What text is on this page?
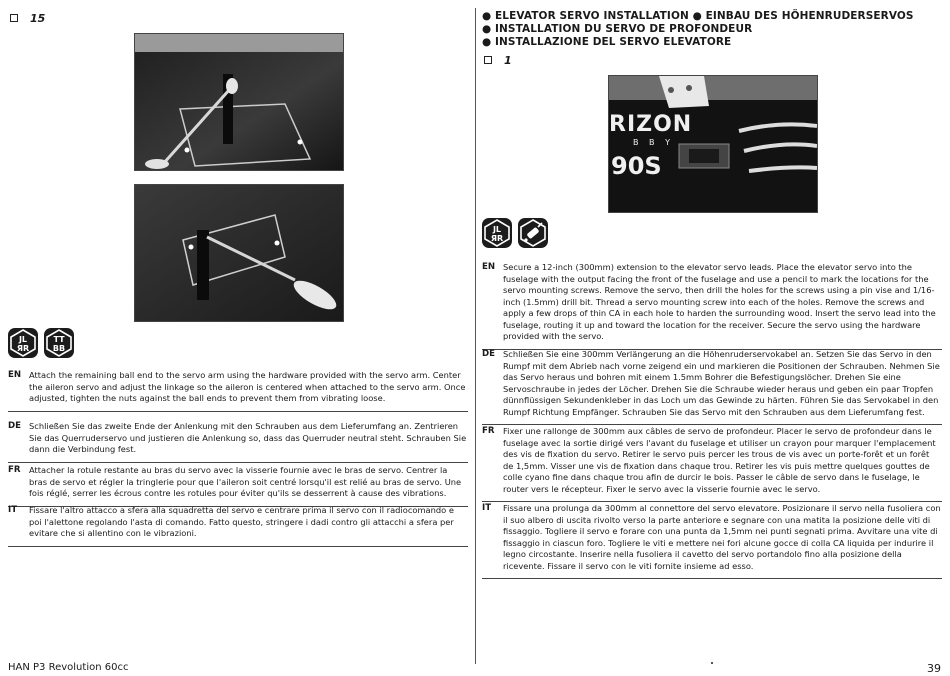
15
JL
ЯR
TT
BB
EN Attach the remaining ball end to the servo arm using the hardware provided with the servo arm. Center the aileron servo and adjust the linkage so the aileron is centered when attached to the servo arm. Once adjusted, tighten the nuts against the ball ends to prevent them from vibrating loose.
DE Schließen Sie das zweite Ende der Anlenkung mit den Schrauben aus dem Lieferumfang an. Zentrieren Sie das Querruderservo und justieren die Anlenkung so, dass das Querruder neutral steht. Schrauben Sie dann die Verbindung fest.
FR	Attacher la rotule restante au bras du servo avec la visserie fournie avec le bras de servo. Centrer la bras de servo et régler la tringlerie pour que l'aileron soit centré lorsqu'il est relié au bras de servo. Une fois réglé, serrer les écrous contre les rotules pour éviter qu'ils se desserrent à cause des vibrations.
IT	Fissare l'altro attacco a sfera alla squadretta del servo e centrare prima il servo con il radiocomando e poi l'alettone regolando l'asta di comando. Fatto questo, stringere i dadi contro gli attacchi a sfera per evitare che si allentino con le vibrazioni.
● ELEVATOR SERVO INSTALLATION ● EINBAU DES HÖHENRUDERSERVOS
● INSTALLATION DU SERVO DE PROFONDEUR
● INSTALLAZIONE DEL SERVO ELEVATORE
1
RIZON
B B Y
90S
JL
ЯR
EN Secure a 12-inch (300mm) extension to the elevator servo leads. Place the elevator servo into the fuselage with the output facing the front of the fuselage and use a pencil to mark the locations for the servo mounting screws. Remove the servo, then drill the holes for the screws using a pin vise and 1/16-inch (1.5mm) drill bit. Thread a servo mounting screw into each of the holes. Remove the screws and apply a few drops of thin CA in each hole to harden the surrounding wood. Insert the servo lead into the fuselage, routing it up and toward the location for the receiver. Secure the servo using the hardware provided with the servo.
DE Schließen Sie eine 300mm Verlängerung an die Höhenruderservokabel an. Setzen Sie das Servo in den Rumpf mit dem Abrieb nach vorne zeigend ein und markieren die Positionen der Schrauben. Nehmen Sie das Servo heraus und bohren mit einem 1.5mm Bohrer die Befestigungslöcher. Drehen Sie eine Servoschraube in jedes der Löcher. Drehen Sie die Schraube wieder heraus und geben ein paar Tropfen dünnflüssigen Sekundenkleber in das Loch um das Gewinde zu härten. Führen Sie das Servokabel in den Rumpf Richtung Empfänger. Schrauben Sie das Servo mit den Schrauben aus dem Lieferumfang fest.
FR	Fixer une rallonge de 300mm aux câbles de servo de profondeur. Placer le servo de profondeur dans le fuselage avec la sortie dirigé vers l'avant du fuselage et utiliser un crayon pour marquer l'emplacement des vis de fixation du servo. Retirer le servo puis percer les trous de vis avec un porte-forêt et un forêt de 1,5mm. Visser une vis de fixation dans chaque trou. Retirer les vis puis mettre quelques gouttes de colle cyano fine dans chaque trou afin de durcir le bois. Passer le câble de servo dans le fuselage, le router vers le récepteur. Fixer le servo avec la visserie fournie avec le servo.
IT	Fissare una prolunga da 300mm al connettore del servo elevatore. Posizionare il servo nella fusoliera con il suo albero di uscita rivolto verso la parte anteriore e segnare con una matita la posizione delle viti di fissaggio. Togliere il servo e forare con una punta da 1,5mm nei punti segnati prima. Avvitare una vite di fissaggio in ciascun foro. Togliere le viti e mettere nei fori alcune gocce di colla CA liquida per indurire il legno circostante. Inserire nella fusoliera il cavetto del servo portandolo fino alla posizione della ricevente. Fissare il servo con le viti fornite insieme ad esso.
HAN P3 Revolution 60cc	39
